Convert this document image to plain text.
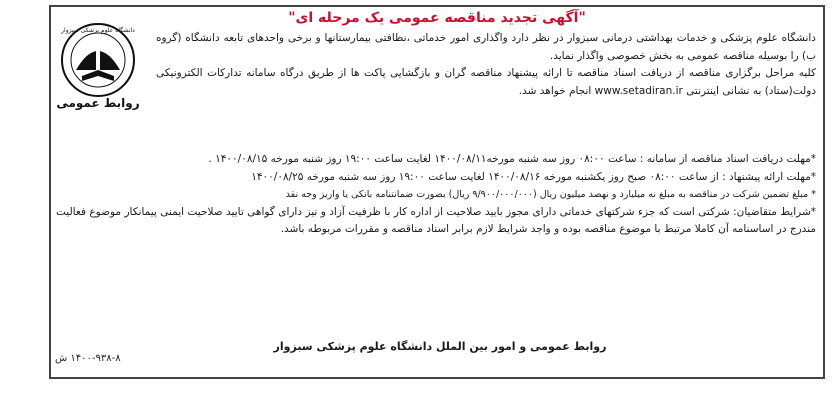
"آگهی تجدید مناقصه عمومی یک مرحله ای"
دانشگاه علوم پزشکی سبزوار
روابط عمومی

دانشگاه علوم پزشکی و خدمات بهداشتی درمانی سبزوار در نظر دارد واگذاری امور خدماتی ،نظافتی بیمارستانها و برخی واحدهای تابعه دانشگاه (گروه ب) را بوسیله مناقصه عمومی به بخش خصوصی واگذار نماید.

کلیه مراحل برگزاری مناقصه از دریافت اسناد مناقصه تا ارائه پیشنهاد مناقصه گران و بازگشایی پاکت ها از طریق درگاه سامانه تدارکات الکترونیکی دولت(ستاد) به نشانی اینترنتی www.setadiran.ir انجام خواهد شد.

*مهلت دریافت اسناد مناقصه از سامانه : ساعت ۰۸:۰۰ روز سه شنبه مورخه۱۴۰۰/۰۸/۱۱ لغایت ساعت ۱۹:۰۰ روز شنبه مورخه ۱۴۰۰/۰۸/۱۵ .

*مهلت ارائه پیشنهاد : از ساعت ۰۸:۰۰ صبح روز یکشنبه مورخه ۱۴۰۰/۰۸/۱۶ لغایت ساعت ۱۹:۰۰ روز سه شنبه مورخه ۱۴۰۰/۰۸/۲۵

* مبلغ تضمین شرکت در مناقصه به مبلغ نه میلیارد و نهصد میلیون ریال (۹/۹۰۰/۰۰۰/۰۰۰ ریال) بصورت ضمانتنامه بانکی یا واریز وجه نقد

*شرایط متقاضیان: شرکتی است که جزء شرکتهای خدماتی دارای مجوز بایید صلاحیت از اداره کار با ظرفیت آزاد و نیز دارای گواهی تایید صلاحیت ایمنی پیمانکار موضوع فعالیت مندرج در اساسنامه آن کاملا مرتبط با موضوع مناقصه بوده و واجد شرایط لازم برابر اسناد مناقصه و مقررات مربوطه باشد.

روابط عمومی و امور بین الملل دانشگاه علوم پزشکی سبزوار
۱۴۰۰-۹۳۸-۸ ش
